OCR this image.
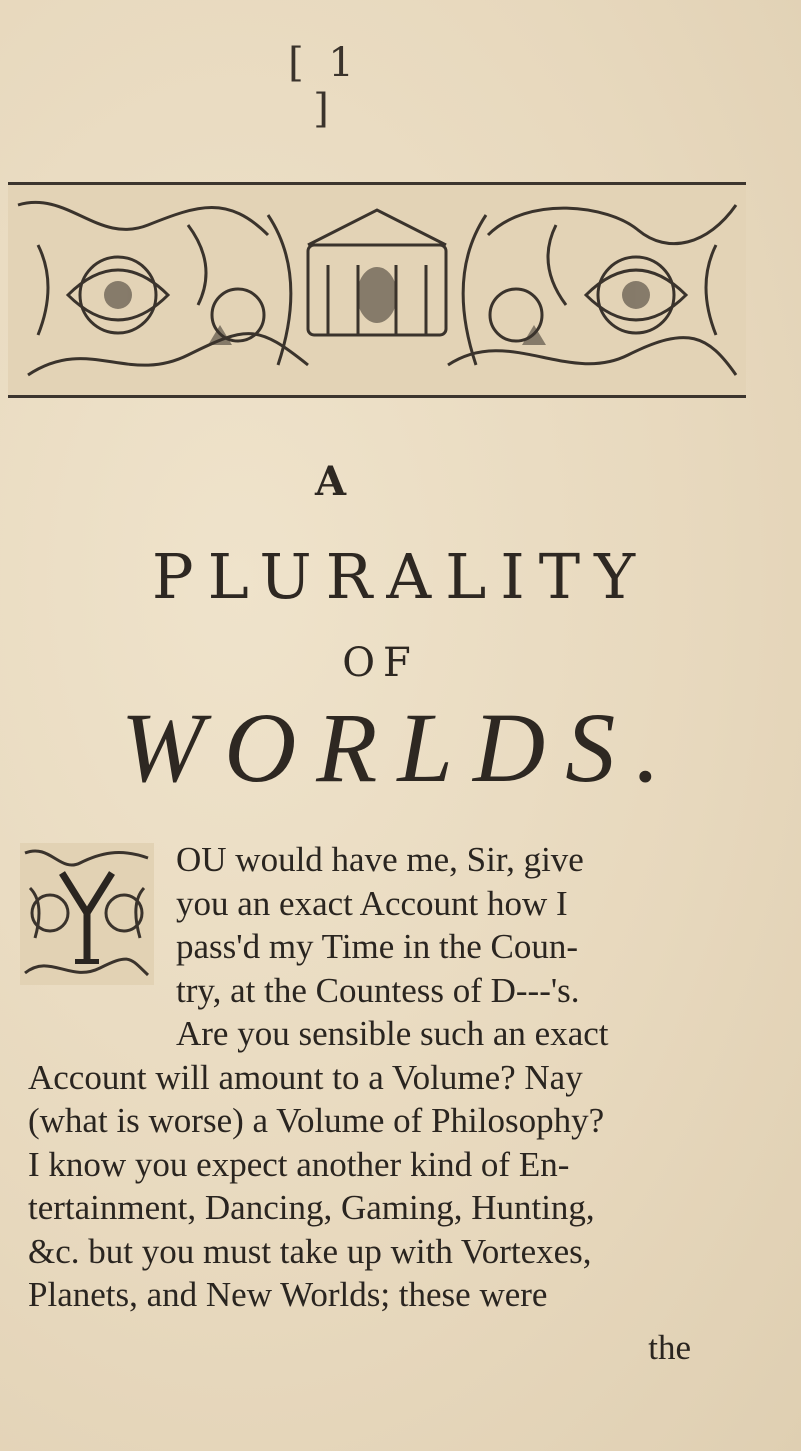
[ 1 ]
A
PLURALITY
OF
WORLDS.
OU would have me, Sir, give
you an exact Account how I
pass'd my Time in the Coun-
try, at the Countess of D---'s.
Are you sensible such an exact
Account will amount to a Volume? Nay
(what is worse) a Volume of Philosophy?
I know you expect another kind of En-
tertainment, Dancing, Gaming, Hunting,
&c. but you must take up with Vortexes,
Planets, and New Worlds; these were
the
